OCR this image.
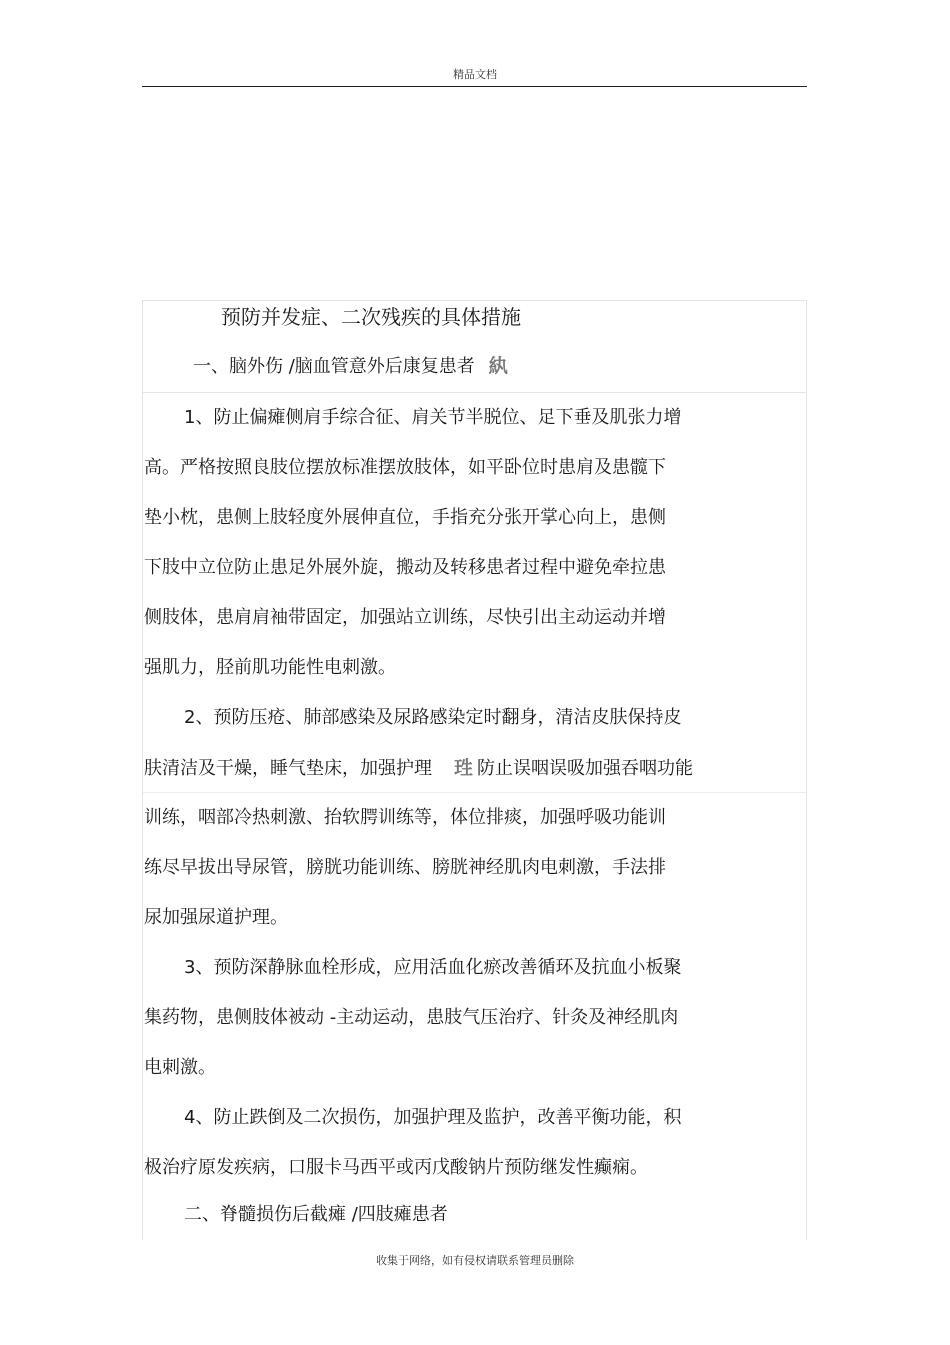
精品文档
预防并发症、二次残疾的具体措施
一、脑外伤 /脑血管意外后康复患者 紈
1、防止偏瘫侧肩手综合征、肩关节半脱位、足下垂及肌张力增
高。严格按照良肢位摆放标准摆放肢体，如平卧位时患肩及患髋下
垫小枕，患侧上肢轻度外展伸直位，手指充分张开掌心向上，患侧
下肢中立位防止患足外展外旋，搬动及转移患者过程中避免牵拉患
侧肢体，患肩肩袖带固定，加强站立训练，尽快引出主动运动并增
强肌力，胫前肌功能性电刺激。
2、预防压疮、肺部感染及尿路感染定时翻身，清洁皮肤保持皮
肤清洁及干燥，睡气垫床，加强护理 珄 防止误咽误吸加强吞咽功能
训练，咽部冷热刺激、抬软腭训练等，体位排痰，加强呼吸功能训
练尽早拔出导尿管，膀胱功能训练、膀胱神经肌肉电刺激，手法排
尿加强尿道护理。
3、预防深静脉血栓形成，应用活血化瘀改善循环及抗血小板聚
集药物，患侧肢体被动 -主动运动，患肢气压治疗、针灸及神经肌肉
电刺激。
4、防止跌倒及二次损伤，加强护理及监护，改善平衡功能，积
极治疗原发疾病，口服卡马西平或丙戊酸钠片预防继发性癫痫。
二、脊髓损伤后截瘫 /四肢瘫患者
收集于网络，如有侵权请联系管理员删除
